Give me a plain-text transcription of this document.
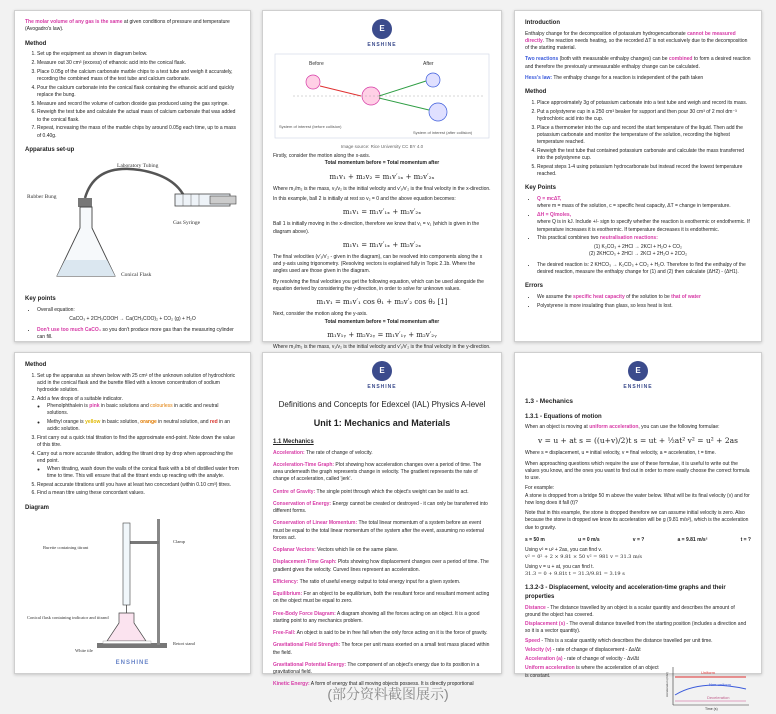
The molar volume of any gas is the same at given conditions of pressure and temperature (Avogadro's law).

Method
1. Set up the equipment as shown in diagram below.
2. Measure out 30 cm³ (excess) of ethanoic acid into the conical flask.
3. Place 0.05g of the calcium carbonate marble chips to a test tube and weigh it accurately, recording the combined mass of the test tube and calcium carbonate.
4. Pour the calcium carbonate into the conical flask containing the ethanoic acid and quickly replace the bung.
5. Measure and record the volume of carbon dioxide gas produced using the gas syringe.
6. Reweigh the test tube and calculate the actual mass of calcium carbonate that was added to the conical flask.
7. Repeat, increasing the mass of the marble chips by around 0.05g each time, up to a mass of 0.40g.
Apparatus set-up
Laboratory Tubing
Rubber Bung
Gas Syringe
Conical Flask
Key points
• Overall equation:
CaCO₃ + 2CH₃COOH → Ca(CH₃COO)₂ + CO₂ (g) + H₂O
• Don't use too much CaCO₃ so you don't produce more gas than the measuring cylinder can fill.
E
ENSHINE
Before	After
System of interest (before collision)
System of interest (after collision)
Image source: Rice University CC BY 4.0

Firstly, consider the motion along the x-axis.

Total momentum before = Total momentum after

m₁v₁ + m₂v₂ = m₁v′₁ₓ + m₂v′₂ₓ

Where m₁/m₂ is the mass, v₁/v₂ is the initial velocity and v′₁/v′₂ is the final velocity in the x-direction.

In this example, ball 2 is initially at rest so v₂ = 0 and the above equation becomes:

m₁v₁ = m₁v′₁ₓ + m₂v′₂ₓ

Ball 1 is initially moving in the x-direction, therefore we know that v₁ = v₁ (which is given in the diagram above).

m₁v₁ = m₁v′₁ₓ + m₂v′₂ₓ

The final velocities (v′₁/v′₂ - given in the diagram), can be resolved into components along the x and y-axis using trigonometry. (Resolving vectors is explained fully in Topic 2.1b. Where the angles used are those given in the diagram.

By resolving the final velocities you get the following equation, which can be used alongside the equation derived by considering the y-direction, in order to solve for unknown values.

m₁v₁ = m₁v′₁ cos θ₁ + m₂v′₂ cos θ₂ [1]

Next, consider the motion along the y-axis.

Total momentum before = Total momentum after

m₁v₁ᵧ + m₂v₂ᵧ = m₁v′₁ᵧ + m₂v′₂ᵧ

Where m₁/m₂ is the mass, v₁/v₂ is the initial velocity and v′₁/v′₂ is the final velocity in the y-direction.

Introduction

Enthalpy change for the decomposition of potassium hydrogencarbonate cannot be measured directly. The reaction needs heating, so the recorded ΔT is not exclusively due to the decomposition of the starting material.

Two reactions (both with measurable enthalpy changes) can be combined to form a desired reaction and therefore the previously unmeasurable enthalpy change can be calculated.

Hess's law: The enthalpy change for a reaction is independent of the path taken

Method
1. Place approximately 3g of potassium carbonate into a test tube and weigh and record its mass.
2. Put a polystyrene cup in a 250 cm³ beaker for support and then pour 30 cm³ of 2 mol dm⁻³ hydrochloric acid into the cup.
3. Place a thermometer into the cup and record the start temperature of the liquid. Then add the potassium carbonate and monitor the temperature of the solution, recording the highest temperature reached.
4. Reweigh the test tube that contained potassium carbonate and calculate the mass transferred into the polystyrene cup.
5. Repeat steps 1-4 using potassium hydrocarbonate but instead record the lowest temperature reached.
Key Points
• Q = mcΔT,
where m = mass of the solution, c = specific heat capacity, ΔT = change in temperature.
• ΔH = Q/moles,
where Q is in kJ. Include +/- sign to specify whether the reaction is exothermic or endothermic. If temperature increases it is exothermic. If temperature decreases it is endothermic.
• This practical combines two neutralisation reactions:
(1) K₂CO₃ + 2HCl → 2KCl + H₂O + CO₂
(2) 2KHCO₃ + 2HCl → 2KCl + 2H₂O + 2CO₂
• The desired reaction is: 2 KHCO₃ → K₂CO₃ + CO₂ + H₂O. Therefore to find the enthalpy of the desired reaction, measure the enthalpy change for (1) and (2) then calculate (ΔH2) - (ΔH1).
Errors
• We assume the specific heat capacity of the solution to be that of water
• Polystyrene is more insulating than glass, so less heat is lost.
Method
1. Set up the apparatus as shown below with 25 cm³ of the unknown solution of hydrochloric acid in the conical flask and the burette filled with a known concentration of sodium hydroxide solution.
2. Add a few drops of a suitable indicator.
◦ Phenolphthalein is pink in basic solutions and colourless in acidic and neutral solutions.
◦ Methyl orange is yellow in basic solution, orange in neutral solution, and red in an acidic solution.
3. First carry out a quick trial titration to find the approximate end-point. Note down the value of this titre.
4. Carry out a more accurate titration, adding the titrant drop by drop when approaching the end point.
◦ When titrating, wash down the walls of the conical flask with a bit of distilled water from time to time. This will ensure that all the titrant ends up reacting with the analyte.
5. Repeat accurate titrations until you have at least two concordant (within 0.10 cm³) titres.
6. Find a mean titre using these concordant values.
Diagram
Burette containing titrant
Clamp
Conical flask containing indicator and titrand
White tile
Retort stand
ENSHINE
E
ENSHINE
Definitions and Concepts for Edexcel (IAL) Physics A-level
Unit 1: Mechanics and Materials
1.1 Mechanics

Acceleration: The rate of change of velocity.

Acceleration-Time Graph: Plot showing how acceleration changes over a period of time. The area underneath the graph represents change in velocity. The gradient represents the rate of change of acceleration, called 'jerk'.

Centre of Gravity: The single point through which the object's weight can be said to act.

Conservation of Energy: Energy cannot be created or destroyed - it can only be transferred into different forms.

Conservation of Linear Momentum: The total linear momentum of a system before an event must be equal to the total linear momentum of the system after the event, assuming no external forces act.

Coplanar Vectors: Vectors which lie on the same plane.

Displacement-Time Graph: Plots showing how displacement changes over a period of time. The gradient gives the velocity. Curved lines represent an acceleration.

Efficiency: The ratio of useful energy output to total energy input for a given system.

Equilibrium: For an object to be equilibrium, both the resultant force and resultant moment acting on the object must be equal to zero.

Free-Body Force Diagram: A diagram showing all the forces acting on an object. It is a good starting point to any mechanics problem.

Free-Fall: An object is said to be in free fall when the only force acting on it is the force of gravity.

Gravitational Field Strength: The force per unit mass exerted on a small test mass placed within the field.

Gravitational Potential Energy: The component of an object's energy due to its position in a gravitational field.

Kinetic Energy: A form of energy that all moving objects possess. It is directly proportional

E
ENSHINE
1.3 - Mechanics
1.3.1 - Equations of motion

When an object is moving at uniform acceleration, you can use the following formulae:

v = u + at s = ((u+v)/2)t s = ut + ½at² v² = u² + 2as

Where s = displacement, u = initial velocity, v = final velocity, a = acceleration, t = time.

When approaching questions which require the use of these formulae, it is useful to write out the values you know, and the ones you want to find out in order to more easily choose the correct formula to use.

For example:

A stone is dropped from a bridge 50 m above the water below. What will be its final velocity (v) and for how long does it fall (t)?

Note that in this example, the stone is dropped therefore we can assume initial velocity is zero. Also because the stone is dropped we know its acceleration will be g (9.81 m/s²), which is the acceleration due to gravity.

s = 50 m	u = 0 m/s	v = ?	a = 9.81 m/s²	t = ?

Using v² = u² + 2as, you can find v.

v² = 0² + 2 × 9.81 × 50 v² = 981 v = 31.3 m/s

Using v = u + at, you can find t.

31.3 = 0 + 9.81t t = 31.3/9.81 = 3.19 s

1.3.2-3 - Displacement, velocity and acceleration-time graphs and their properties

Distance - The distance travelled by an object is a scalar quantity and describes the amount of ground the object has covered.

Displacement (s) - The overall distance travelled from the starting position (includes a direction and so it is a vector quantity).

Speed - This is a scalar quantity which describes the distance travelled per unit time.

Velocity (v) - rate of change of displacement - Δs/Δt

Acceleration (a) - rate of change of velocity - Δv/Δt

Uniform acceleration is where the acceleration of an object is constant.	Uniform
Non-uniform
Deceleration
Time (s)
Acceleration (m/s²)
(部分资料截图展示)
